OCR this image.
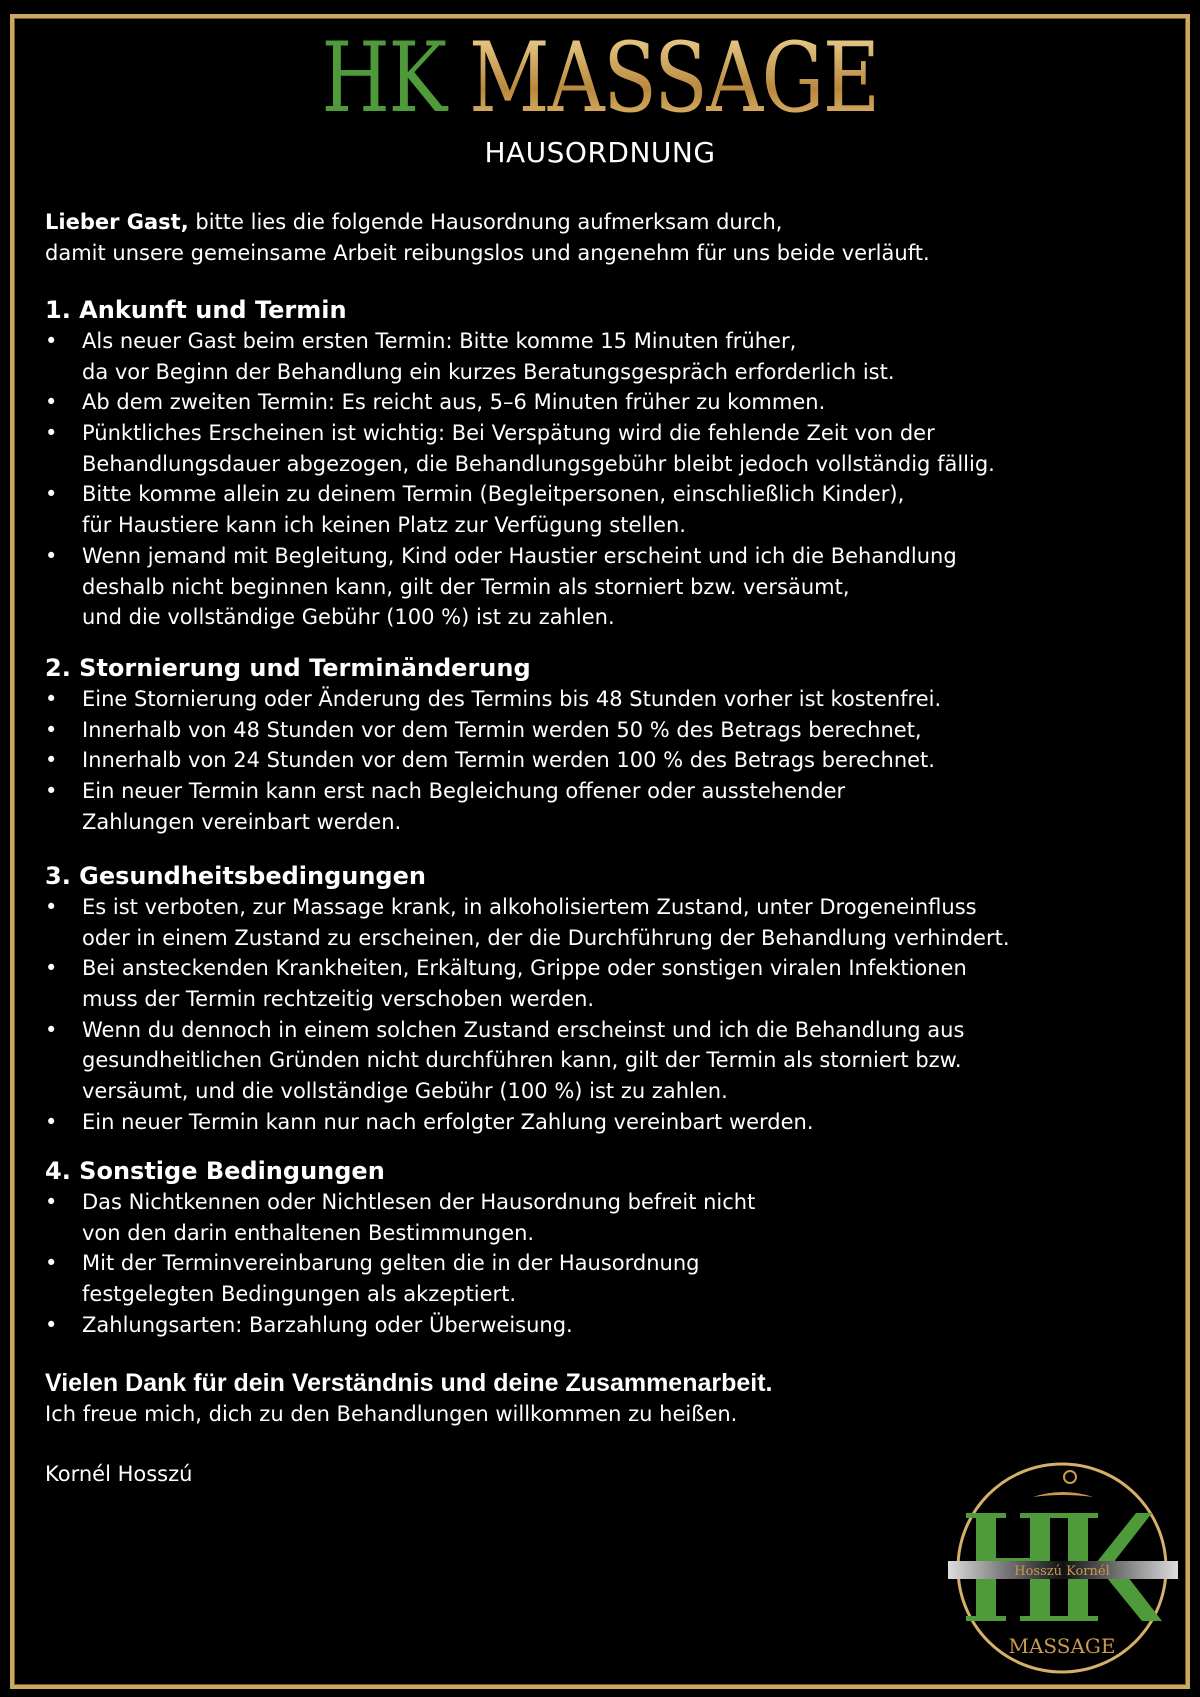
HK MASSAGE
HAUSORDNUNG
Lieber Gast, bitte lies die folgende Hausordnung aufmerksam durch,
damit unsere gemeinsame Arbeit reibungslos und angenehm für uns beide verläuft.
1. Ankunft und Termin
• Als neuer Gast beim ersten Termin: Bitte komme 15 Minuten früher,
da vor Beginn der Behandlung ein kurzes Beratungsgespräch erforderlich ist.
• Ab dem zweiten Termin: Es reicht aus, 5–6 Minuten früher zu kommen.
• Pünktliches Erscheinen ist wichtig: Bei Verspätung wird die fehlende Zeit von der
Behandlungsdauer abgezogen, die Behandlungsgebühr bleibt jedoch vollständig fällig.
• Bitte komme allein zu deinem Termin (Begleitpersonen, einschließlich Kinder),
für Haustiere kann ich keinen Platz zur Verfügung stellen.
• Wenn jemand mit Begleitung, Kind oder Haustier erscheint und ich die Behandlung
deshalb nicht beginnen kann, gilt der Termin als storniert bzw. versäumt,
und die vollständige Gebühr (100 %) ist zu zahlen.
2. Stornierung und Terminänderung
• Eine Stornierung oder Änderung des Termins bis 48 Stunden vorher ist kostenfrei.
• Innerhalb von 48 Stunden vor dem Termin werden 50 % des Betrags berechnet,
• Innerhalb von 24 Stunden vor dem Termin werden 100 % des Betrags berechnet.
• Ein neuer Termin kann erst nach Begleichung offener oder ausstehender
Zahlungen vereinbart werden.
3. Gesundheitsbedingungen
• Es ist verboten, zur Massage krank, in alkoholisiertem Zustand, unter Drogeneinfluss
oder in einem Zustand zu erscheinen, der die Durchführung der Behandlung verhindert.
• Bei ansteckenden Krankheiten, Erkältung, Grippe oder sonstigen viralen Infektionen
muss der Termin rechtzeitig verschoben werden.
• Wenn du dennoch in einem solchen Zustand erscheinst und ich die Behandlung aus
gesundheitlichen Gründen nicht durchführen kann, gilt der Termin als storniert bzw.
versäumt, und die vollständige Gebühr (100 %) ist zu zahlen.
• Ein neuer Termin kann nur nach erfolgter Zahlung vereinbart werden.
4. Sonstige Bedingungen
• Das Nichtkennen oder Nichtlesen der Hausordnung befreit nicht
von den darin enthaltenen Bestimmungen.
• Mit der Terminvereinbarung gelten die in der Hausordnung
festgelegten Bedingungen als akzeptiert.
• Zahlungsarten: Barzahlung oder Überweisung.
Vielen Dank für dein Verständnis und deine Zusammenarbeit.
Ich freue mich, dich zu den Behandlungen willkommen zu heißen.
Kornél Hosszú
Hosszú Kornél
MASSAGE
